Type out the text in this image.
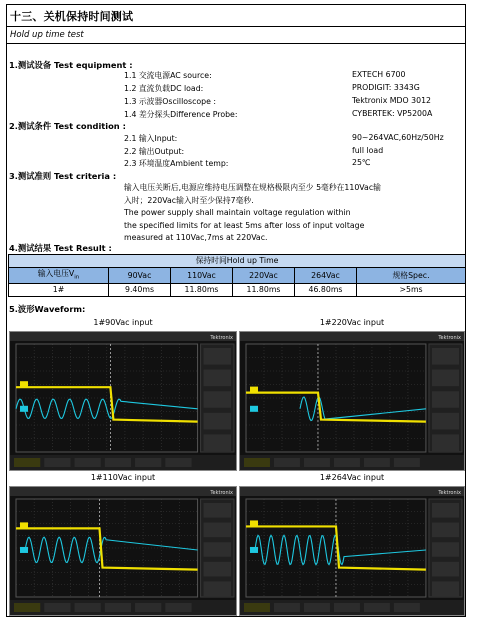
十三、关机保持时间测试
Hold up time test
1.测试设备 Test equipment :
1.1 交流电源AC source:	EXTECH 6700
1.2 直流负载DC load:	PRODIGIT: 3343G
1.3 示波器Oscilloscope :	Tektronix MDO 3012
1.4 差分探头Difference Probe:	CYBERTEK: VP5200A
2.测试条件 Test condition :
2.1 输入Input:	90~264VAC,60Hz/50Hz
2.2 输出Output:	full load
2.3 环境温度Ambient temp:	25℃
3.测试准则 Test criteria :
输入电压关断后,电源应维持电压调整在规格极限内至少 5毫秒在110Vac输
入时；220Vac输入时至少保持7毫秒.
The power supply shall maintain voltage regulation within
the specified limits for at least 5ms after loss of input voltage
measured at 110Vac,7ms at 220Vac.
4.测试结果 Test Result :
保持时间Hold up Time					
输入电压$V_{in}$	90Vac	110Vac	220Vac	264Vac	规格Spec.
1#	9.40ms	11.80ms	11.80ms	46.80ms	>5ms
5.波形Waveform:
1#90Vac input
Tektronix
1#220Vac input
Tektronix
1#110Vac input
Tektronix
1#264Vac input
Tektronix
